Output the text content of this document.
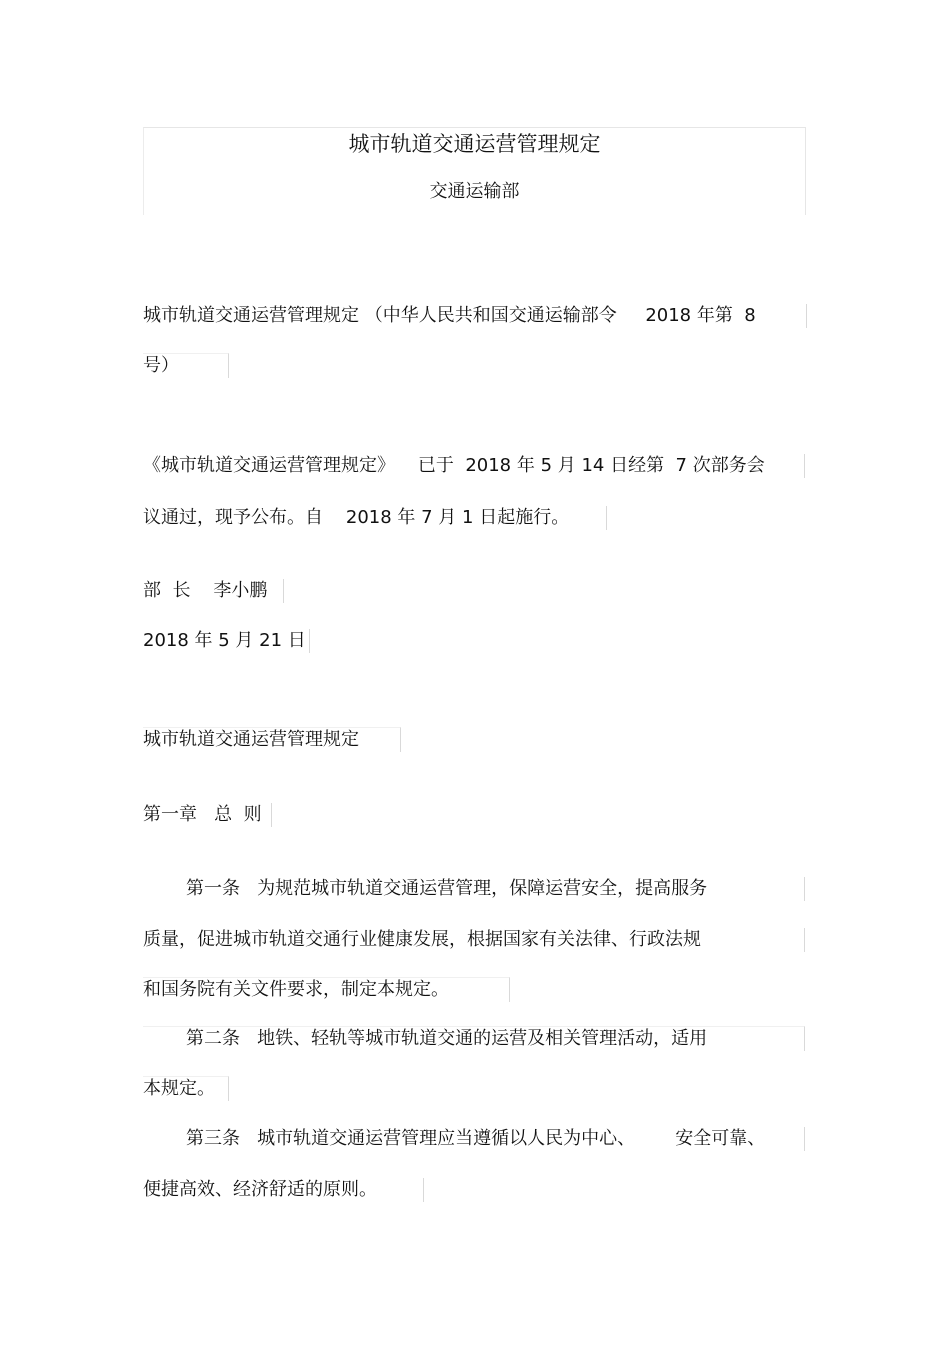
城市轨道交通运营管理规定
交通运输部

城市轨道交通运营管理规定 （中华人民共和国交通运输部令     2018 年第  8

号）

《城市轨道交通运营管理规定》    已于  2018 年 5 月 14 日经第  7 次部务会

议通过，现予公布。自    2018 年 7 月 1 日起施行。

部  长    李小鹏

2018 年 5 月 21 日

城市轨道交通运营管理规定

第一章   总  则

第一条   为规范城市轨道交通运营管理，保障运营安全，提高服务

质量，促进城市轨道交通行业健康发展，根据国家有关法律、行政法规

和国务院有关文件要求，制定本规定。

第二条   地铁、轻轨等城市轨道交通的运营及相关管理活动，适用

本规定。

第三条   城市轨道交通运营管理应当遵循以人民为中心、       安全可靠、

便捷高效、经济舒适的原则。
